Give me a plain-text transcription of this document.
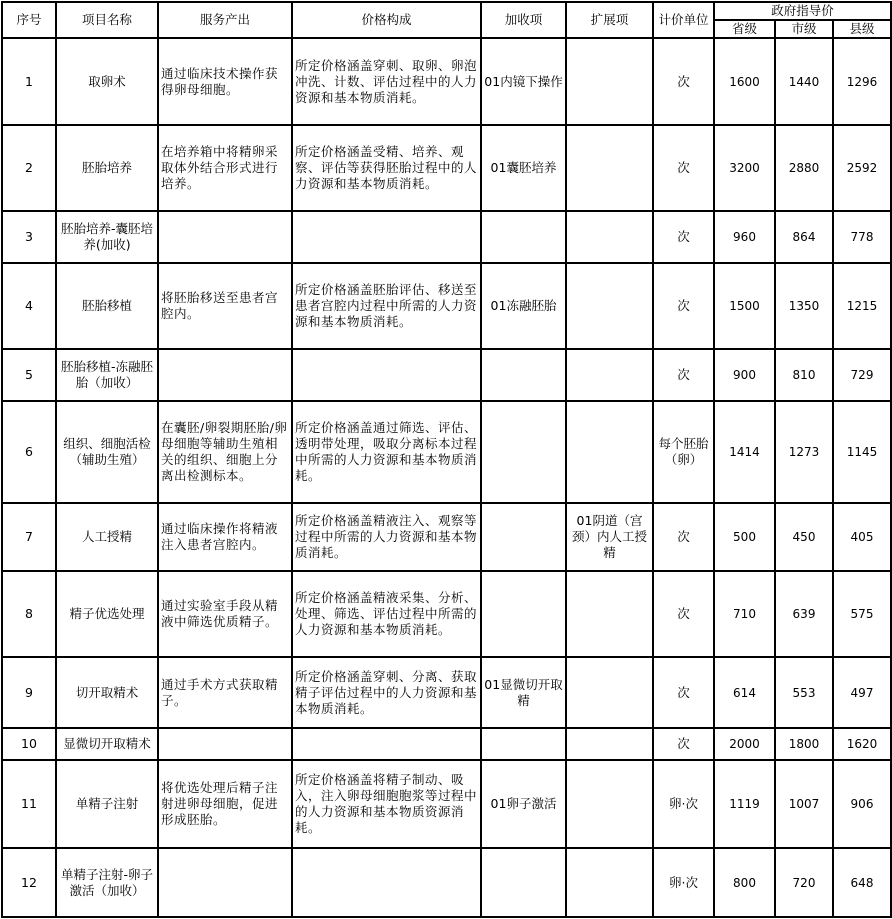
序号	项目名称	服务产出	价格构成	加收项	扩展项	计价单位	政府指导价		
							省级	市级	县级
1	取卵术	通过临床技术操作获得卵母细胞。	所定价格涵盖穿刺、取卵、卵泡冲洗、计数、评估过程中的人力资源和基本物质消耗。	01内镜下操作		次	1600	1440	1296
2	胚胎培养	在培养箱中将精卵采取体外结合形式进行培养。	所定价格涵盖受精、培养、观察、评估等获得胚胎过程中的人力资源和基本物质消耗。	01囊胚培养		次	3200	2880	2592
3	胚胎培养-囊胚培养(加收)					次	960	864	778
4	胚胎移植	将胚胎移送至患者宫腔内。	所定价格涵盖胚胎评估、移送至患者宫腔内过程中所需的人力资源和基本物质消耗。	01冻融胚胎		次	1500	1350	1215
5	胚胎移植-冻融胚胎（加收）					次	900	810	729
6	组织、细胞活检（辅助生殖）	在囊胚/卵裂期胚胎/卵母细胞等辅助生殖相关的组织、细胞上分离出检测标本。	所定价格涵盖通过筛选、评估、透明带处理，吸取分离标本过程中所需的人力资源和基本物质消耗。			每个胚胎（卵）	1414	1273	1145
7	人工授精	通过临床操作将精液注入患者宫腔内。	所定价格涵盖精液注入、观察等过程中所需的人力资源和基本物质消耗。		01阴道（宫颈）内人工授精	次	500	450	405
8	精子优选处理	通过实验室手段从精液中筛选优质精子。	所定价格涵盖精液采集、分析、处理、筛选、评估过程中所需的人力资源和基本物质消耗。			次	710	639	575
9	切开取精术	通过手术方式获取精子。	所定价格涵盖穿刺、分离、获取精子评估过程中的人力资源和基本物质消耗。	01显微切开取精		次	614	553	497
10	显微切开取精术					次	2000	1800	1620
11	单精子注射	将优选处理后精子注射进卵母细胞，促进形成胚胎。	所定价格涵盖将精子制动、吸入，注入卵母细胞胞浆等过程中的人力资源和基本物质资源消耗。	01卵子激活		卵·次	1119	1007	906
12	单精子注射-卵子激活（加收）					卵·次	800	720	648
